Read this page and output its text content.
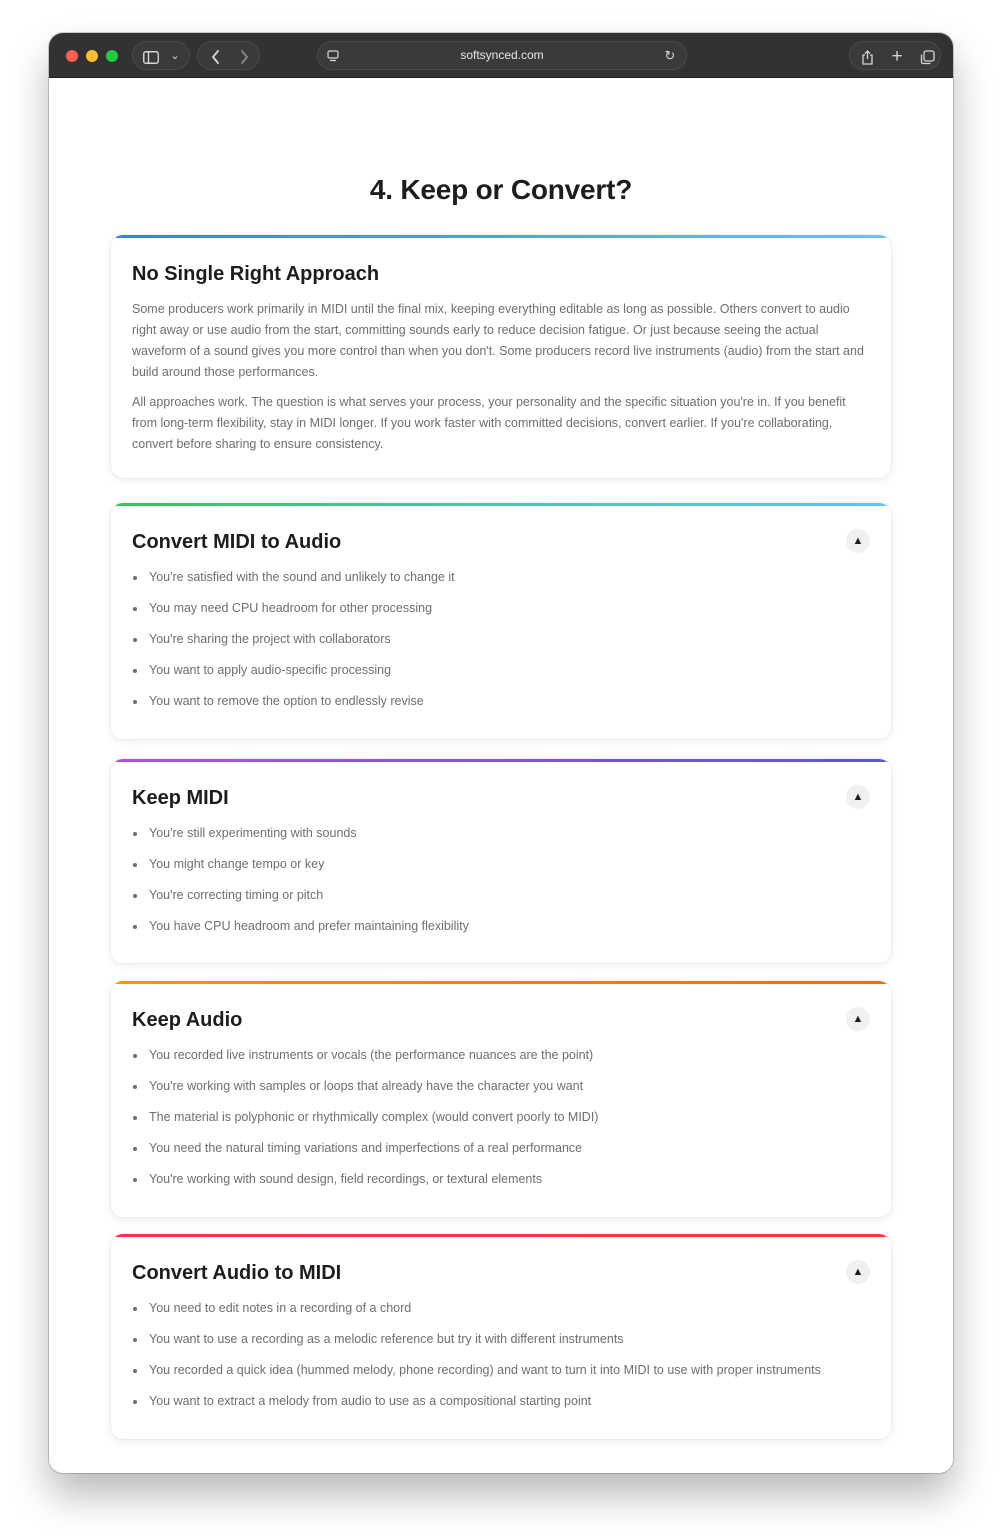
⌄	softsynced.com	↻	+
4. Keep or Convert?
No Single Right Approach

Some producers work primarily in MIDI until the final mix, keeping everything editable as long as possible. Others convert to audio right away or use audio from the start, committing sounds early to reduce decision fatigue. Or just because seeing the actual waveform of a sound gives you more control than when you don't. Some producers record live instruments (audio) from the start and build around those performances.

All approaches work. The question is what serves your process, your personality and the specific situation you're in. If you benefit from long-term flexibility, stay in MIDI longer. If you work faster with committed decisions, convert earlier. If you're collaborating, convert before sharing to ensure consistency.

Convert MIDI to Audio	▲
You're satisfied with the sound and unlikely to change it
You may need CPU headroom for other processing
You're sharing the project with collaborators
You want to apply audio-specific processing
You want to remove the option to endlessly revise
Keep MIDI	▲
You're still experimenting with sounds
You might change tempo or key
You're correcting timing or pitch
You have CPU headroom and prefer maintaining flexibility
Keep Audio	▲
You recorded live instruments or vocals (the performance nuances are the point)
You're working with samples or loops that already have the character you want
The material is polyphonic or rhythmically complex (would convert poorly to MIDI)
You need the natural timing variations and imperfections of a real performance
You're working with sound design, field recordings, or textural elements
Convert Audio to MIDI	▲
You need to edit notes in a recording of a chord
You want to use a recording as a melodic reference but try it with different instruments
You recorded a quick idea (hummed melody, phone recording) and want to turn it into MIDI to use with proper instruments
You want to extract a melody from audio to use as a compositional starting point
